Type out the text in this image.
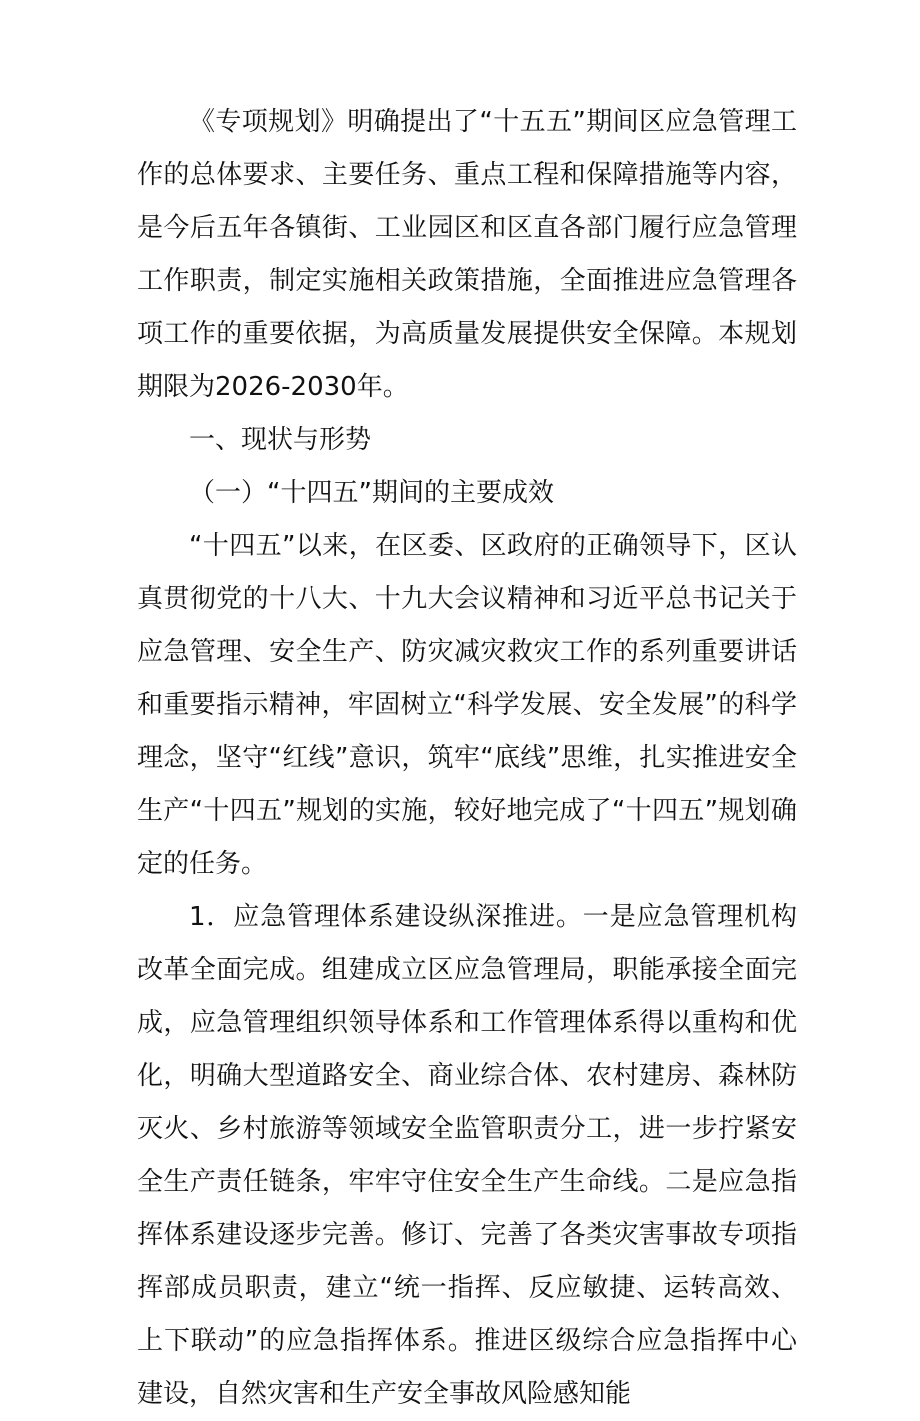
《专项规划》明确提出了“十五五”期间区应急管理工作的总体要求、主要任务、重点工程和保障措施等内容，是今后五年各镇街、工业园区和区直各部门履行应急管理工作职责，制定实施相关政策措施，全面推进应急管理各项工作的重要依据，为高质量发展提供安全保障。本规划期限为2026-2030年。

一、现状与形势

（一）“十四五”期间的主要成效

“十四五”以来，在区委、区政府的正确领导下，区认真贯彻党的十八大、十九大会议精神和习近平总书记关于应急管理、安全生产、防灾减灾救灾工作的系列重要讲话和重要指示精神，牢固树立“科学发展、安全发展”的科学理念，坚守“红线”意识，筑牢“底线”思维，扎实推进安全生产“十四五”规划的实施，较好地完成了“十四五”规划确定的任务。

1．应急管理体系建设纵深推进。一是应急管理机构改革全面完成。组建成立区应急管理局，职能承接全面完成，应急管理组织领导体系和工作管理体系得以重构和优化，明确大型道路安全、商业综合体、农村建房、森林防灭火、乡村旅游等领域安全监管职责分工，进一步拧紧安全生产责任链条，牢牢守住安全生产生命线。二是应急指挥体系建设逐步完善。修订、完善了各类灾害事故专项指挥部成员职责，建立“统一指挥、反应敏捷、运转高效、上下联动”的应急指挥体系。推进区级综合应急指挥中心建设，自然灾害和生产安全事故风险感知能
